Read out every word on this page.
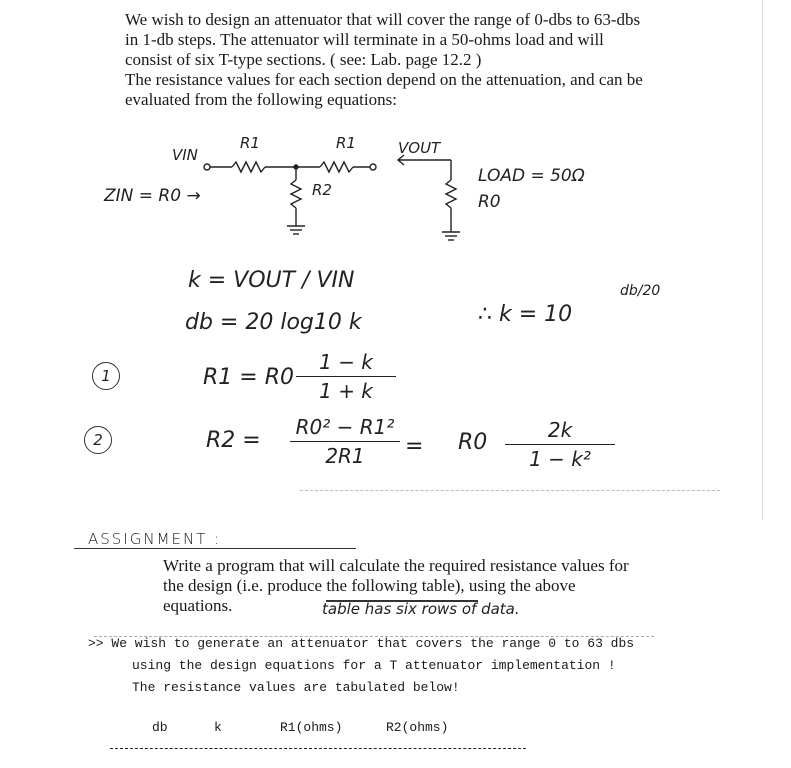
We wish to design an attenuator that will cover the range of 0-dbs to 63-dbs

in 1-db steps. The attenuator will terminate in a 50-ohms load and will

consist of six T-type sections. ( see: Lab. page 12.2 )

The resistance values for each section depend on the attenuation, and can be

evaluated from the following equations:

VIN
R1	R1	VOUT
R2
ZIN = R0 →
LOAD = 50Ω
R0
k = VOUT / VIN
db = 20 log10 k	∴ k = 10
db/20
1	R1 = R0
1 − k
1 + k
2	R2 =
R0² − R1²
2R1	= R0	2k
1 − k²
ASSIGNMENT :

Write a program that will calculate the required resistance values for

the design (i.e. produce the following table), using the above

equations.	table has six rows of data.
>> We wish to generate an attenuator that covers the range 0 to 63 dbs
using the design equations for a T attenuator implementation !
The resistance values are tabulated below!
db	k	R1(ohms)	R2(ohms)
